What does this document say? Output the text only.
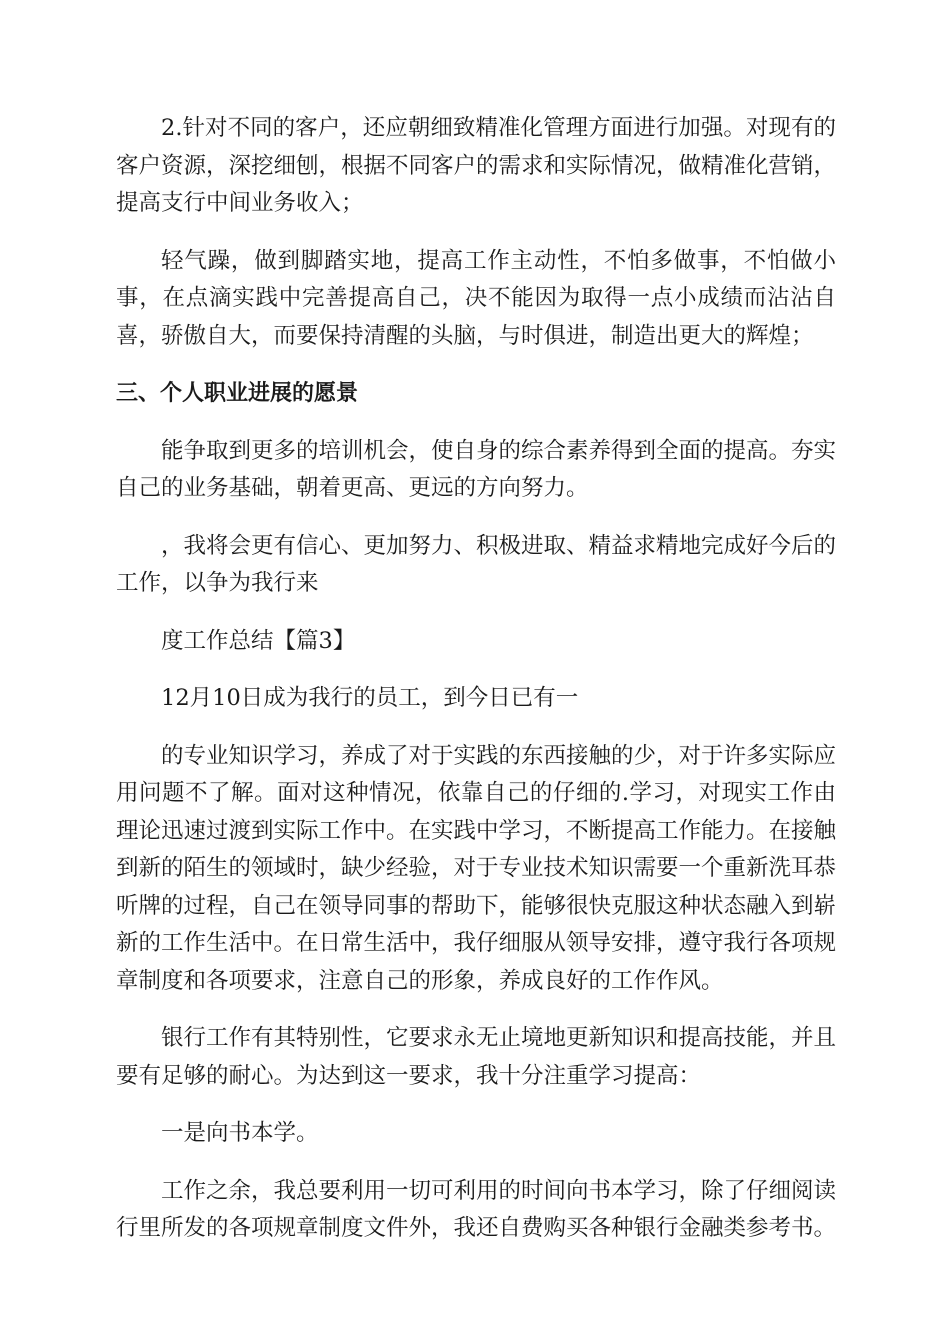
2.针对不同的客户，还应朝细致精准化管理方面进行加强。对现有的客户资源，深挖细刨，根据不同客户的需求和实际情况，做精准化营销，提高支行中间业务收入；

轻气躁，做到脚踏实地，提高工作主动性，不怕多做事，不怕做小事，在点滴实践中完善提高自己，决不能因为取得一点小成绩而沾沾自喜，骄傲自大，而要保持清醒的头脑，与时俱进，制造出更大的辉煌；

三、个人职业进展的愿景

能争取到更多的培训机会，使自身的综合素养得到全面的提高。夯实自己的业务基础，朝着更高、更远的方向努力。

，我将会更有信心、更加努力、积极进取、精益求精地完成好今后的工作，以争为我行来

度工作总结【篇3】

12月10日成为我行的员工，到今日已有一

的专业知识学习，养成了对于实践的东西接触的少，对于许多实际应用问题不了解。面对这种情况，依靠自己的仔细的.学习，对现实工作由理论迅速过渡到实际工作中。在实践中学习，不断提高工作能力。在接触到新的陌生的领域时，缺少经验，对于专业技术知识需要一个重新洗耳恭听牌的过程，自己在领导同事的帮助下，能够很快克服这种状态融入到崭新的工作生活中。在日常生活中，我仔细服从领导安排，遵守我行各项规章制度和各项要求，注意自己的形象，养成良好的工作作风。

银行工作有其特别性，它要求永无止境地更新知识和提高技能，并且要有足够的耐心。为达到这一要求，我十分注重学习提高：

一是向书本学。

工作之余，我总要利用一切可利用的时间向书本学习，除了仔细阅读行里所发的各项规章制度文件外，我还自费购买各种银行金融类参考书。
